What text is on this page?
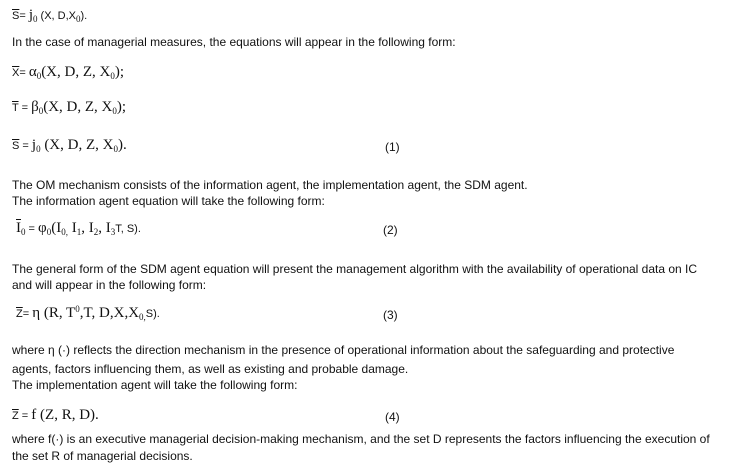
$\overline{S}= j_0$ (X, $D,X_0$).
In the case of managerial measures, the equations will appear in the following form:
$\overline{X}= \alpha_0(X$, D, Z, $X_0$);
$\overline{T} = \beta_0(X$, D, Z, $X_0$);
$\overline{S} = j_0$ (X, D, Z, $X_0$).	(1)
The OM mechanism consists of the information agent, the implementation agent, the SDM agent.
The information agent equation will take the following form:
$\overline{I}_0 = \varphi_0(I_{0,}$ $I_1$, $I_2$, $I_3T$, S).	(2)
The general form of the SDM agent equation will present the management algorithm with the availability of operational data on IC
and will appear in the following form:
$\overline{Z}= \eta$ (R, $T^0,T$, $D,X,X_{0,}S$).	(3)
where η (·) reflects the direction mechanism in the presence of operational information about the safeguarding and protective
agents, factors influencing them, as well as existing and probable damage.
The implementation agent will take the following form:
$\overline{Z} = f$ (Z, R, D).	(4)
where f(·) is an executive managerial decision-making mechanism, and the set D represents the factors influencing the execution of
the set R of managerial decisions.
